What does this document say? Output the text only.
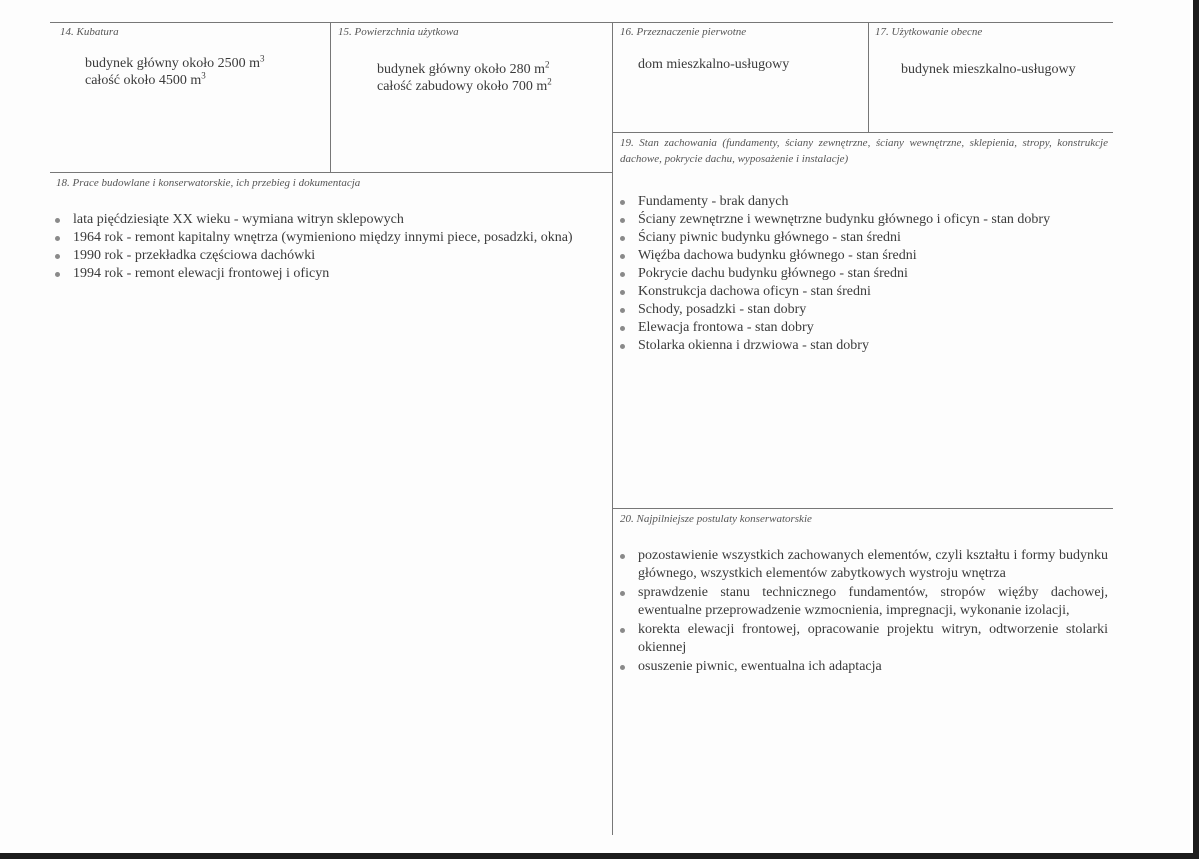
14. Kubatura
budynek główny około 2500 $m^3$
całość około 4500 $m^3$
15. Powierzchnia użytkowa
budynek główny około 280 $m^2$
całość zabudowy około 700 $m^2$
16. Przeznaczenie pierwotne
dom mieszkalno-usługowy
17. Użytkowanie obecne
budynek mieszkalno-usługowy
18. Prace budowlane i konserwatorskie, ich przebieg i dokumentacja
lata pięćdziesiąte XX wieku - wymiana witryn sklepowych
1964 rok - remont kapitalny wnętrza (wymieniono między innymi piece, posadzki, okna)
1990 rok - przekładka częściowa dachówki
1994 rok - remont elewacji frontowej i oficyn
19. Stan zachowania (fundamenty, ściany zewnętrzne, ściany wewnętrzne, sklepienia, stropy, konstrukcje dachowe, pokrycie dachu, wyposażenie i instalacje)
Fundamenty - brak danych
Ściany zewnętrzne i wewnętrzne budynku głównego i oficyn - stan dobry
Ściany piwnic budynku głównego - stan średni
Więźba dachowa budynku głównego - stan średni
Pokrycie dachu budynku głównego - stan średni
Konstrukcja dachowa oficyn - stan średni
Schody, posadzki - stan dobry
Elewacja frontowa - stan dobry
Stolarka okienna i drzwiowa - stan dobry
20. Najpilniejsze postulaty konserwatorskie
pozostawienie wszystkich zachowanych elementów, czyli kształtu i formy budynku głównego, wszystkich elementów zabytkowych wystroju wnętrza
sprawdzenie stanu technicznego fundamentów, stropów więźby dachowej, ewentualne przeprowadzenie wzmocnienia, impregnacji, wykonanie izolacji,
korekta elewacji frontowej, opracowanie projektu witryn, odtworzenie stolarki okiennej
osuszenie piwnic, ewentualna ich adaptacja
